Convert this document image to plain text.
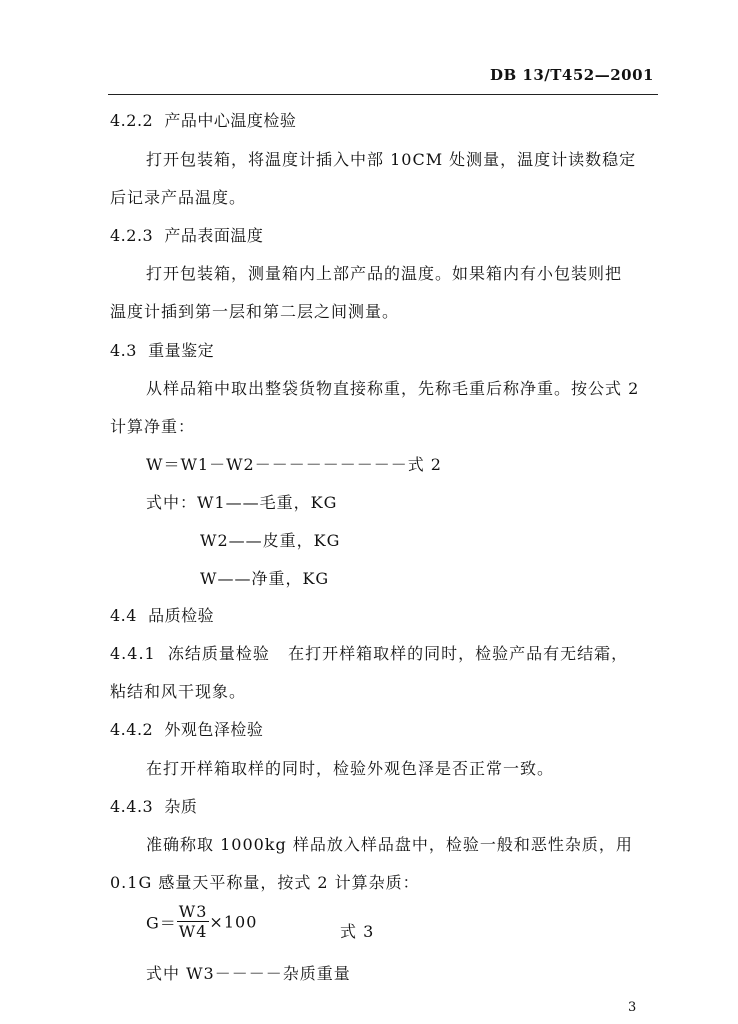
DB 13/T452—2001
4.2.2 产品中心温度检验
打开包装箱，将温度计插入中部 10CM 处测量，温度计读数稳定
后记录产品温度。
4.2.3 产品表面温度
打开包装箱，测量箱内上部产品的温度。如果箱内有小包装则把
温度计插到第一层和第二层之间测量。
4.3 重量鉴定
从样品箱中取出整袋货物直接称重，先称毛重后称净重。按公式 2
计算净重：
W＝W1－W2－－－－－－－－－式 2
式中：W1——毛重，KG
W2——皮重，KG
W——净重，KG
4.4 品质检验
4.4.1 冻结质量检验 在打开样箱取样的同时，检验产品有无结霜，
粘结和风干现象。
4.4.2 外观色泽检验
在打开样箱取样的同时，检验外观色泽是否正常一致。
4.4.3 杂质
准确称取 1000kg 样品放入样品盘中，检验一般和恶性杂质，用
0.1G 感量天平称量，按式 2 计算杂质：
$G= \frac{W3}{W4} \times 100$	式 3
式中 W3－－－－杂质重量
3
